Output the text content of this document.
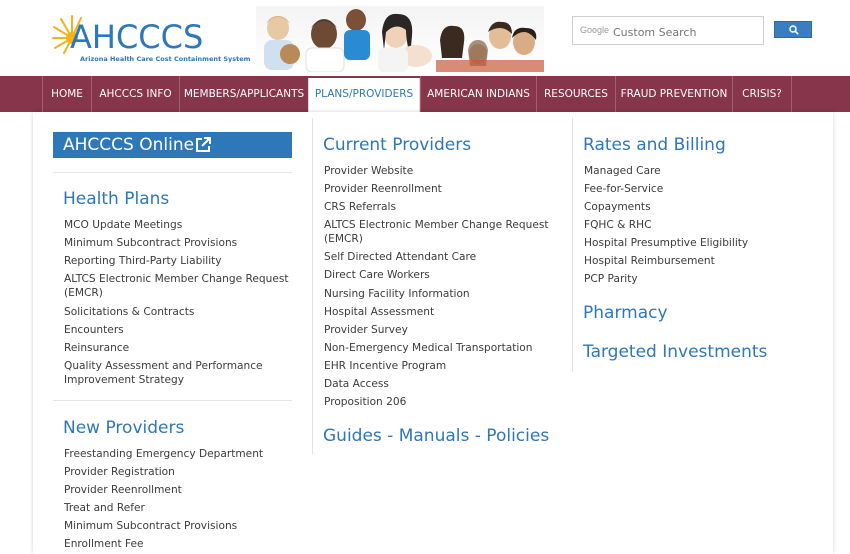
AHCCCS
Arizona Health Care Cost Containment System
Google
Custom Search
HOME	AHCCCS INFO	MEMBERS/APPLICANTS	PLANS/PROVIDERS	AMERICAN INDIANS	RESOURCES	FRAUD PREVENTION	CRISIS?
AHCCCS Online
Health Plans
MCO Update Meetings
Minimum Subcontract Provisions
Reporting Third-Party Liability
ALTCS Electronic Member Change Request (EMCR)
Solicitations & Contracts
Encounters
Reinsurance
Quality Assessment and Performance Improvement Strategy
New Providers
Freestanding Emergency Department
Provider Registration
Provider Reenrollment
Treat and Refer
Minimum Subcontract Provisions
Enrollment Fee
Current Providers
Provider Website
Provider Reenrollment
CRS Referrals
ALTCS Electronic Member Change Request (EMCR)
Self Directed Attendant Care
Direct Care Workers
Nursing Facility Information
Hospital Assessment
Provider Survey
Non-Emergency Medical Transportation
EHR Incentive Program
Data Access
Proposition 206
Guides - Manuals - Policies
Rates and Billing
Managed Care
Fee-for-Service
Copayments
FQHC & RHC
Hospital Presumptive Eligibility
Hospital Reimbursement
PCP Parity
Pharmacy
Targeted Investments
